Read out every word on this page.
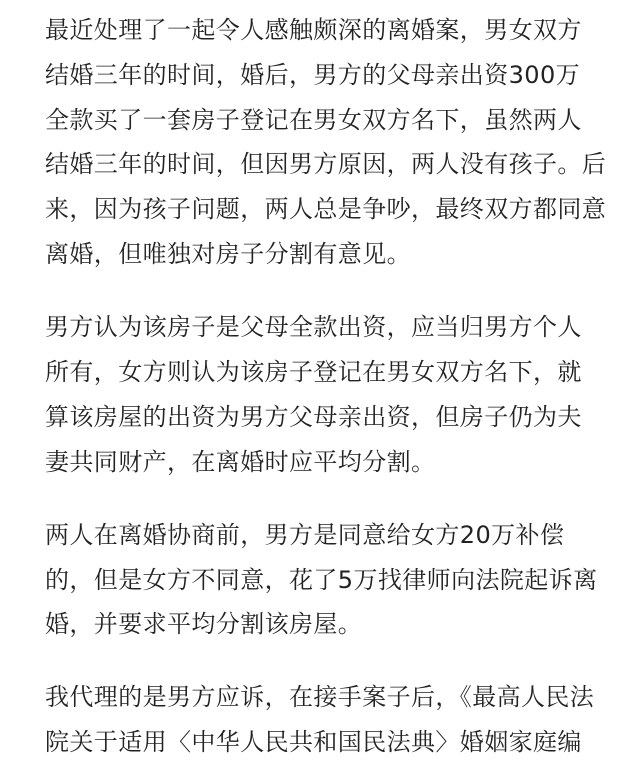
最近处理了一起令人感触颇深的离婚案，男女双方
结婚三年的时间，婚后，男方的父母亲出资300万
全款买了一套房子登记在男女双方名下，虽然两人
结婚三年的时间，但因男方原因，两人没有孩子。后
来，因为孩子问题，两人总是争吵，最终双方都同意
离婚，但唯独对房子分割有意见。
男方认为该房子是父母全款出资，应当归男方个人
所有，女方则认为该房子登记在男女双方名下，就
算该房屋的出资为男方父母亲出资，但房子仍为夫
妻共同财产，在离婚时应平均分割。
两人在离婚协商前，男方是同意给女方20万补偿
的，但是女方不同意，花了5万找律师向法院起诉离
婚，并要求平均分割该房屋。
我代理的是男方应诉，在接手案子后，《最高人民法
院关于适用〈中华人民共和国民法典〉婚姻家庭编
